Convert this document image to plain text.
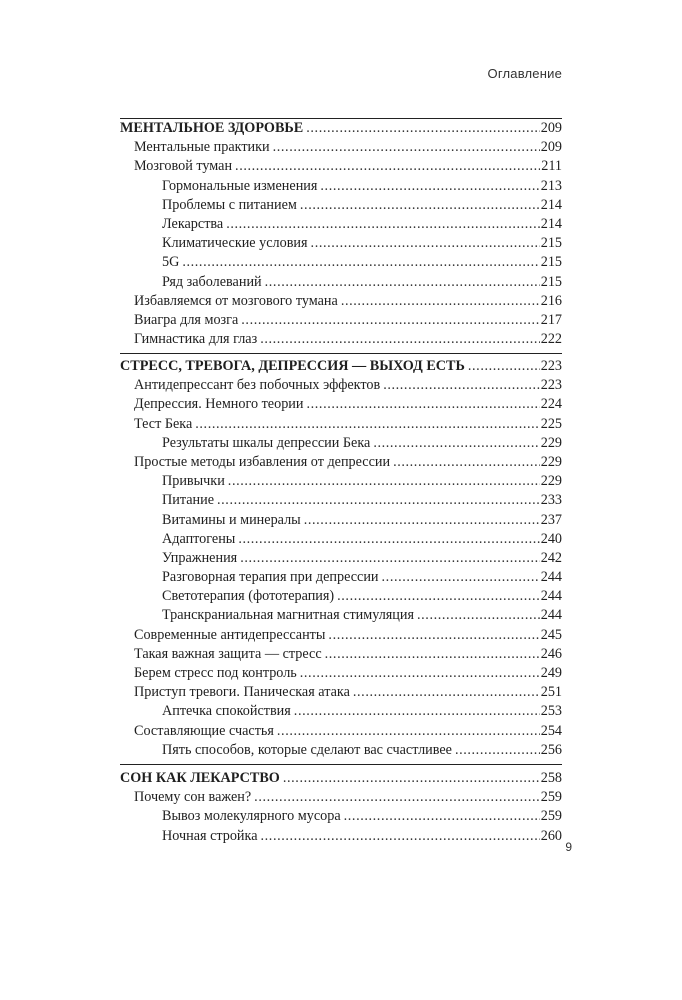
Оглавление
МЕНТАЛЬНОЕ ЗДОРОВЬЕ .....	209
Ментальные практики .....	209
Мозговой туман .....	211
Гормональные изменения .....	213
Проблемы с питанием .....	214
Лекарства .....	214
Климатические условия .....	215
5G .....	215
Ряд заболеваний .....	215
Избавляемся от мозгового тумана .....	216
Виагра для мозга .....	217
Гимнастика для глаз .....	222
СТРЕСС, ТРЕВОГА, ДЕПРЕССИЯ — ВЫХОД ЕСТЬ .....	223
Антидепрессант без побочных эффектов .....	223
Депрессия. Немного теории .....	224
Тест Бека .....	225
Результаты шкалы депрессии Бека .....	229
Простые методы избавления от депрессии .....	229
Привычки .....	229
Питание .....	233
Витамины и минералы .....	237
Адаптогены .....	240
Упражнения .....	242
Разговорная терапия при депрессии .....	244
Светотерапия (фототерапия) .....	244
Транскраниальная магнитная стимуляция .....	244
Современные антидепрессанты .....	245
Такая важная защита — стресс .....	246
Берем стресс под контроль .....	249
Приступ тревоги. Паническая атака .....	251
Аптечка спокойствия .....	253
Составляющие счастья .....	254
Пять способов, которые сделают вас счастливее .....	256
СОН КАК ЛЕКАРСТВО .....	258
Почему сон важен? .....	259
Вывоз молекулярного мусора .....	259
Ночная стройка .....	260
9
